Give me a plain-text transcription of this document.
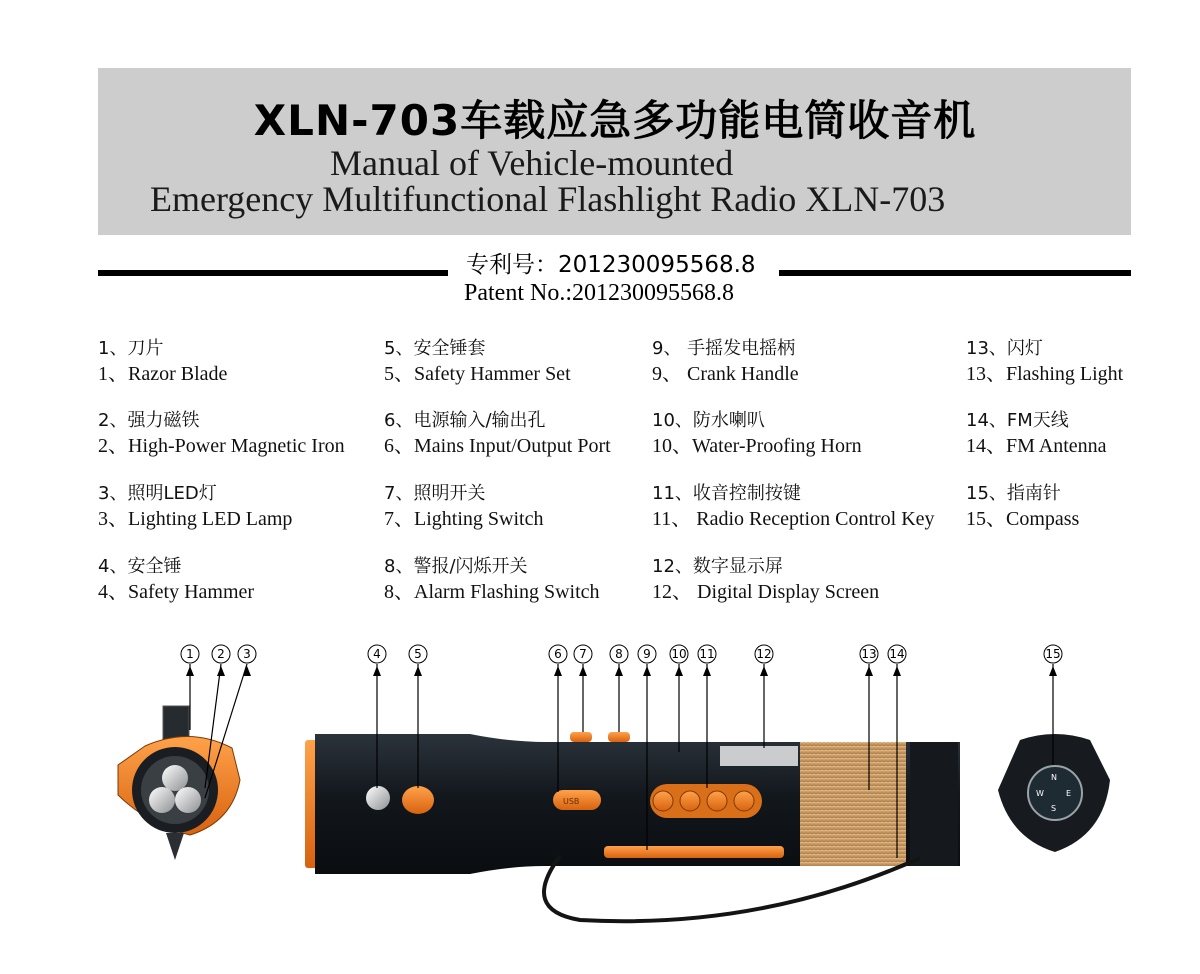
XLN-703车载应急多功能电筒收音机
Manual of Vehicle-mounted
Emergency Multifunctional Flashlight Radio XLN-703
专利号：201230095568.8
Patent No.:201230095568.8
1、刀片
1、Razor Blade
2、强力磁铁
2、High-Power Magnetic Iron
3、照明LED灯
3、Lighting LED Lamp
4、安全锤
4、Safety Hammer
5、安全锤套
5、Safety Hammer Set
6、电源输入/输出孔
6、Mains Input/Output Port
7、照明开关
7、Lighting Switch
8、警报/闪烁开关
8、Alarm Flashing Switch
9、 手摇发电摇柄
9、 Crank Handle
10、防水喇叭
10、Water-Proofing Horn
11、收音控制按键
11、 Radio Reception Control Key
12、数字显示屏
12、 Digital Display Screen
13、闪灯
13、Flashing Light
14、FM天线
14、FM Antenna
15、指南针
15、Compass
USB
N
E
S
W
1 2 3	4	5	6 7 8 9 10 11	12	13 14	15
